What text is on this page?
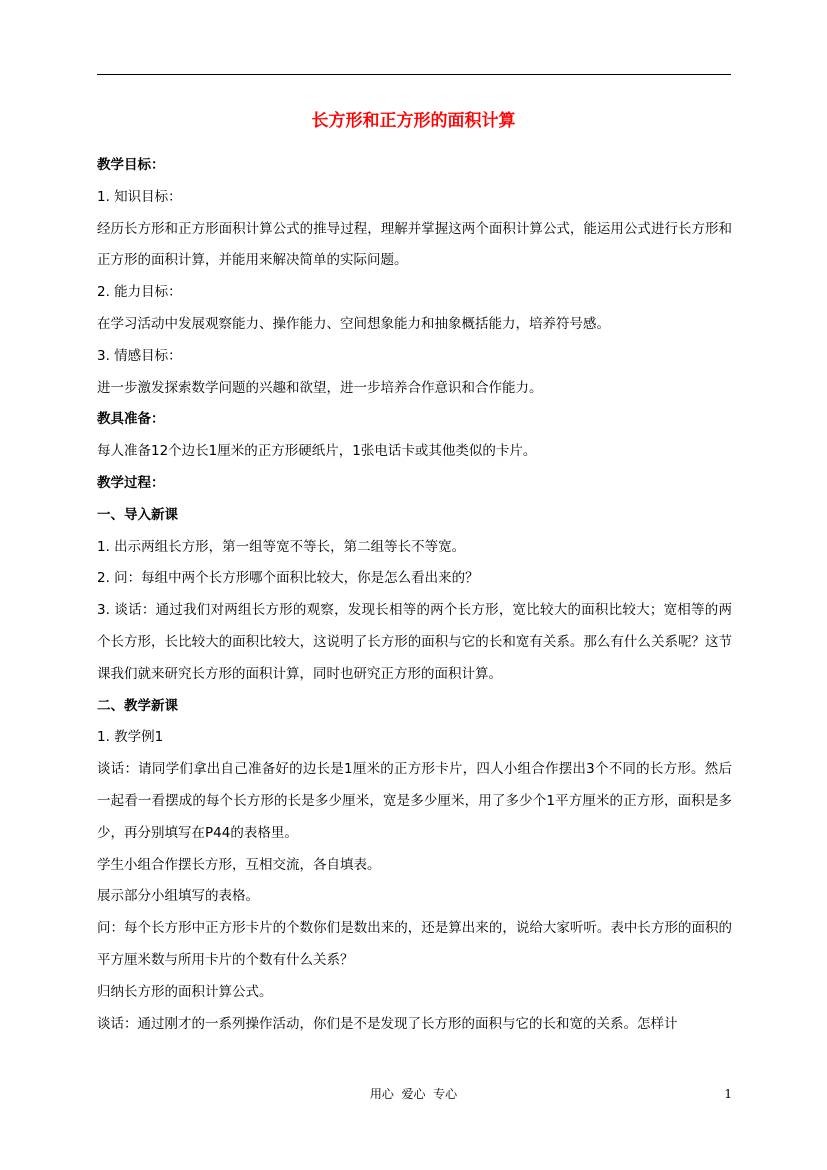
长方形和正方形的面积计算

教学目标：

1. 知识目标：

经历长方形和正方形面积计算公式的推导过程，理解并掌握这两个面积计算公式，能运用公式进行长方形和正方形的面积计算，并能用来解决简单的实际问题。

2. 能力目标：

在学习活动中发展观察能力、操作能力、空间想象能力和抽象概括能力，培养符号感。

3. 情感目标：

进一步激发探索数学问题的兴趣和欲望，进一步培养合作意识和合作能力。

教具准备：

每人准备12个边长1厘米的正方形硬纸片，1张电话卡或其他类似的卡片。

教学过程：

一、导入新课

1. 出示两组长方形，第一组等宽不等长，第二组等长不等宽。

2. 问：每组中两个长方形哪个面积比较大，你是怎么看出来的？

3. 谈话：通过我们对两组长方形的观察，发现长相等的两个长方形，宽比较大的面积比较大；宽相等的两个长方形，长比较大的面积比较大，这说明了长方形的面积与它的长和宽有关系。那么有什么关系呢？这节课我们就来研究长方形的面积计算，同时也研究正方形的面积计算。

二、教学新课

1. 教学例1

谈话：请同学们拿出自己准备好的边长是1厘米的正方形卡片，四人小组合作摆出3个不同的长方形。然后一起看一看摆成的每个长方形的长是多少厘米，宽是多少厘米，用了多少个1平方厘米的正方形，面积是多少，再分别填写在P44的表格里。

学生小组合作摆长方形，互相交流，各自填表。

展示部分小组填写的表格。

问：每个长方形中正方形卡片的个数你们是数出来的，还是算出来的，说给大家听听。表中长方形的面积的平方厘米数与所用卡片的个数有什么关系？

归纳长方形的面积计算公式。

谈话：通过刚才的一系列操作活动，你们是不是发现了长方形的面积与它的长和宽的关系。怎样计

用心  爱心  专心	1
